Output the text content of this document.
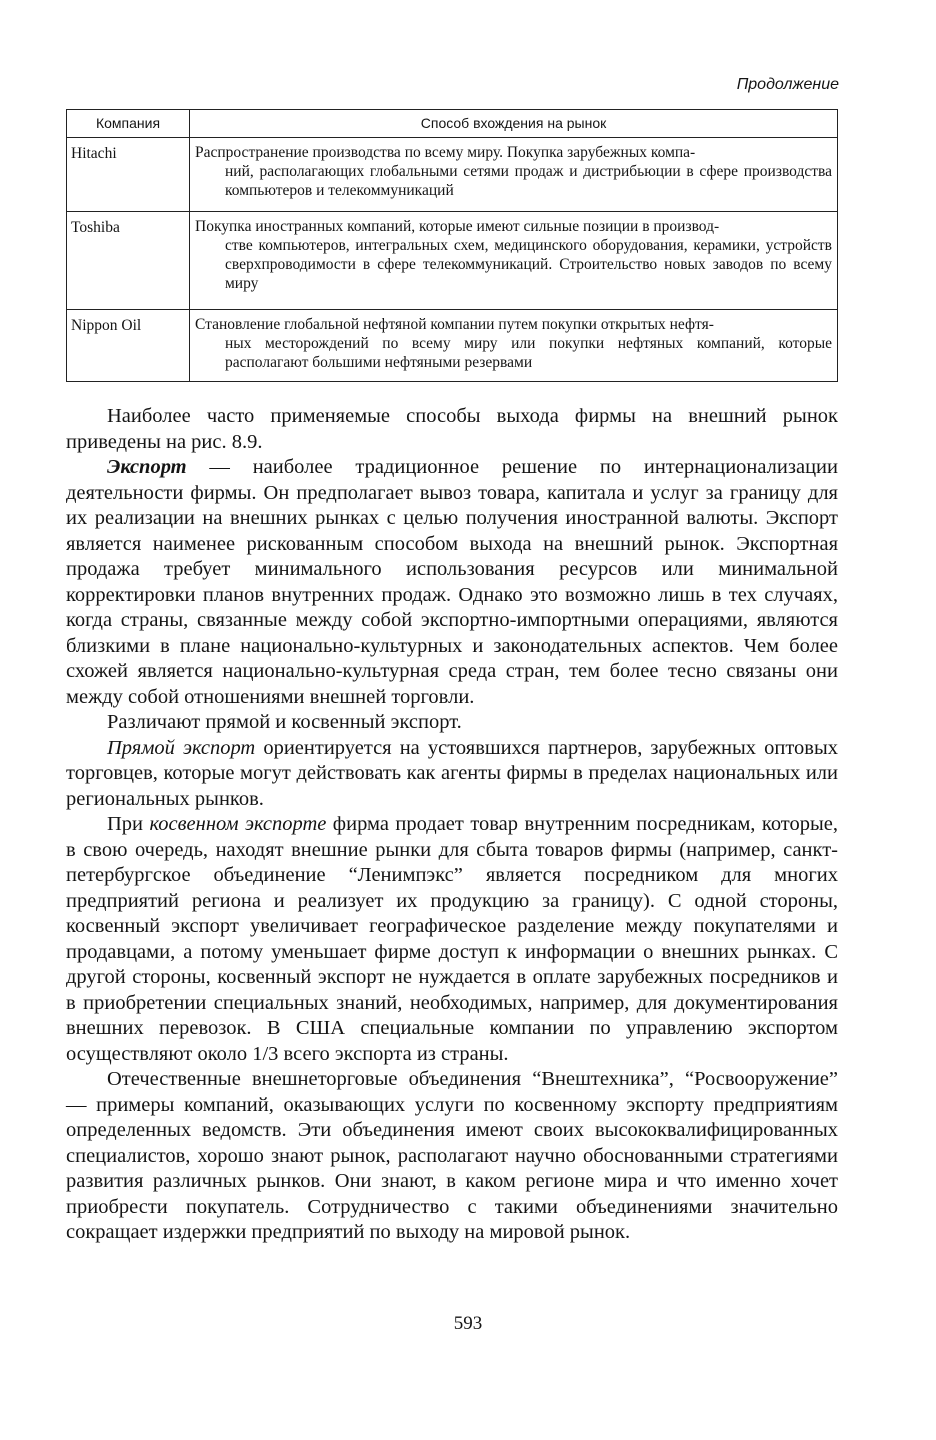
Продолжение
Компания	Способ вхождения на рынок
Hitachi	Распространение производства по всему миру. Покупка зарубежных компа-
ний, располагающих глобальными сетями продаж и дистрибьюции в сфере производства компьютеров и телекоммуникаций

Toshiba	Покупка иностранных компаний, которые имеют сильные позиции в производ-
стве компьютеров, интегральных схем, медицинского оборудования, керамики, устройств сверхпроводимости в сфере телекоммуникаций. Строительство новых заводов по всему миру

Nippon Oil	Становление глобальной нефтяной компании путем покупки открытых нефтя-
ных месторождений по всему миру или покупки нефтяных компаний, которые располагают большими нефтяными резервами

Наиболее часто применяемые способы выхода фирмы на внешний рынок приведены на рис. 8.9.

Экспорт — наиболее традиционное решение по интернационализации деятельности фирмы. Он предполагает вывоз товара, капитала и услуг за границу для их реализации на внешних рынках с целью получения иностранной валюты. Экспорт является наименее рискованным способом выхода на внешний рынок. Экспортная продажа требует минимального использования ресурсов или минимальной корректировки планов внутренних продаж. Однако это возможно лишь в тех случаях, когда страны, связанные между собой экспортно-импортными операциями, являются близкими в плане национально-культурных и законодательных аспектов. Чем более схожей является национально-культурная среда стран, тем более тесно связаны они между собой отношениями внешней торговли.

Различают прямой и косвенный экспорт.

Прямой экспорт ориентируется на устоявшихся партнеров, зарубежных оптовых торговцев, которые могут действовать как агенты фирмы в пределах национальных или региональных рынков.

При косвенном экспорте фирма продает товар внутренним посредникам, которые, в свою очередь, находят внешние рынки для сбыта товаров фирмы (например, санкт-петербургское объединение “Ленимпэкс” является посредником для многих предприятий региона и реализует их продукцию за границу). С одной стороны, косвенный экспорт увеличивает географическое разделение между покупателями и продавцами, а потому уменьшает фирме доступ к информации о внешних рынках. С другой стороны, косвенный экспорт не нуждается в оплате зарубежных посредников и в приобретении специальных знаний, необходимых, например, для документирования внешних перевозок. В США специальные компании по управлению экспортом осуществляют около 1/3 всего экспорта из страны.

Отечественные внешнеторговые объединения “Внештехника”, “Росвооружение” — примеры компаний, оказывающих услуги по косвенному экспорту предприятиям определенных ведомств. Эти объединения имеют своих высококвалифицированных специалистов, хорошо знают рынок, располагают научно обоснованными стратегиями развития различных рынков. Они знают, в каком регионе мира и что именно хочет приобрести покупатель. Сотрудничество с такими объединениями значительно сокращает издержки предприятий по выходу на мировой рынок.

593
